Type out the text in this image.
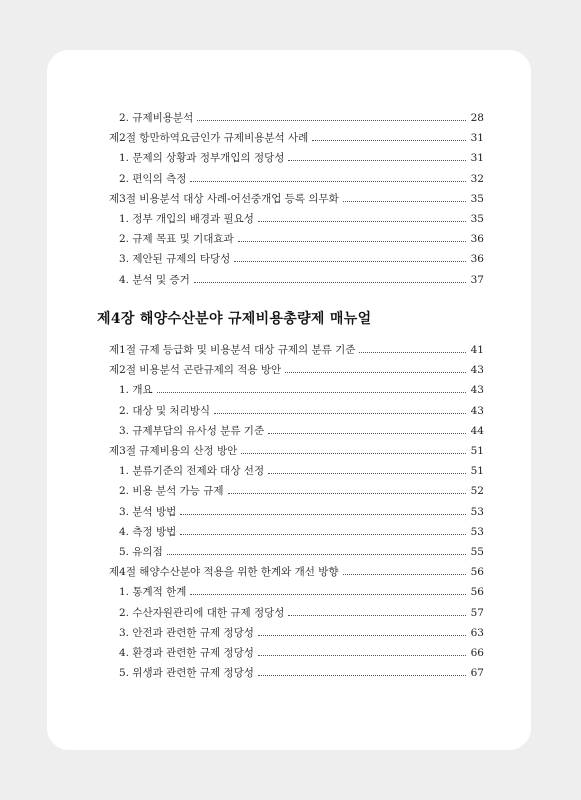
2. 규제비용분석	28
제2절 항만하역요금인가 규제비용분석 사례	31
1. 문제의 상황과 정부개입의 정당성	31
2. 편익의 측정	32
제3절 비용분석 대상 사례-어선중개업 등록 의무화	35
1. 정부 개입의 배경과 필요성	35
2. 규제 목표 및 기대효과	36
3. 제안된 규제의 타당성	36
4. 분석 및 증거	37
제1절 규제 등급화 및 비용분석 대상 규제의 분류 기준	41
제2절 비용분석 곤란규제의 적용 방안	43
1. 개요	43
2. 대상 및 처리방식	43
3. 규제부담의 유사성 분류 기준	44
제3절 규제비용의 산정 방안	51
1. 분류기준의 전제와 대상 선정	51
2. 비용 분석 가능 규제	52
3. 분석 방법	53
4. 측정 방법	53
5. 유의점	55
제4절 해양수산분야 적용을 위한 한계와 개선 방향	56
1. 통계적 한계	56
2. 수산자원관리에 대한 규제 정당성	57
3. 안전과 관련한 규제 정당성	63
4. 환경과 관련한 규제 정당성	66
5. 위생과 관련한 규제 정당성	67
제4장 해양수산분야 규제비용총량제 매뉴얼
